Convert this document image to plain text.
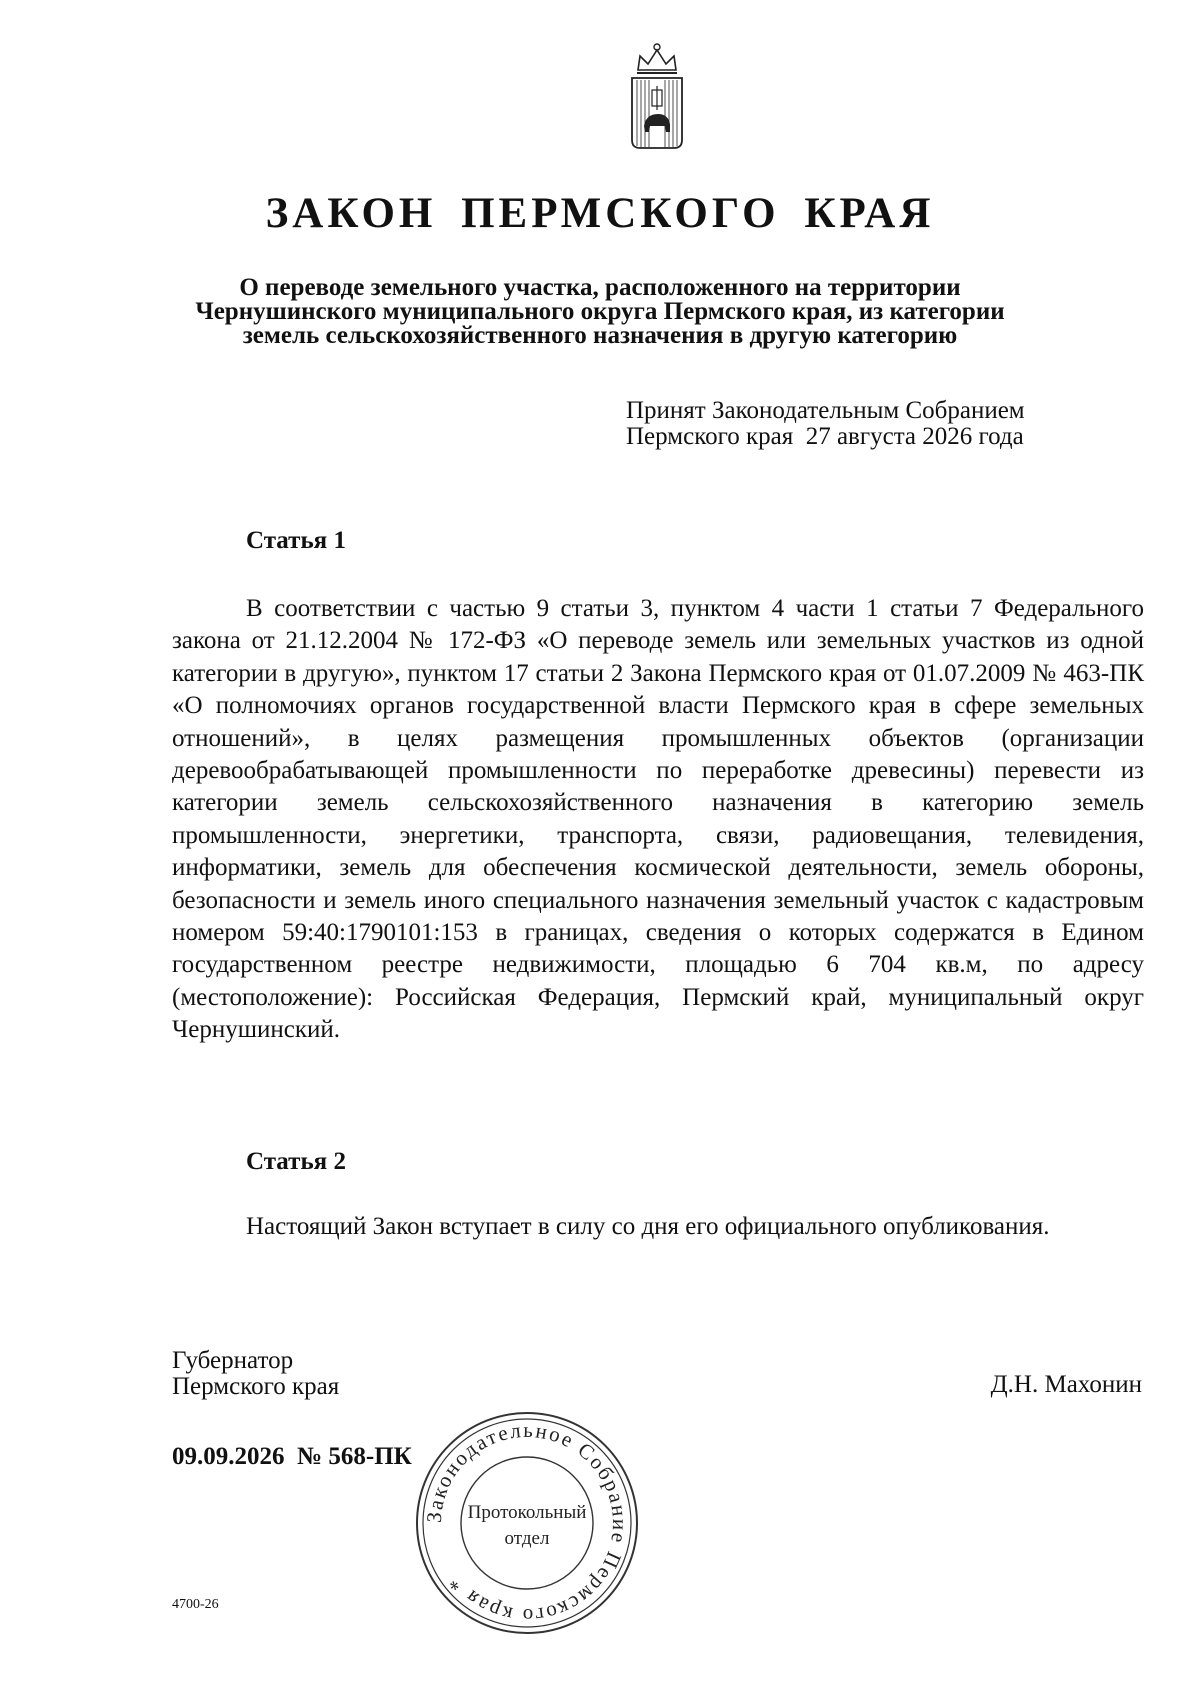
ЗАКОН ПЕРМСКОГО КРАЯ
О переводе земельного участка, расположенного на территории
Чернушинского муниципального округа Пермского края, из категории
земель сельскохозяйственного назначения в другую категорию
Принят Законодательным Собранием
Пермского края  27 августа 2026 года
Статья 1
В соответствии с частью 9 статьи 3, пунктом 4 части 1 статьи 7 Федерального закона от 21.12.2004 № 172-ФЗ «О переводе земель или земельных участков из одной категории в другую», пунктом 17 статьи 2 Закона Пермского края от 01.07.2009 № 463-ПК «О полномочиях органов государственной власти Пермского края в сфере земельных отношений», в целях размещения промышленных объектов (организации деревообрабатывающей промышленности по переработке древесины) перевести из категории земель сельскохозяйственного назначения в категорию земель промышленности, энергетики, транспорта, связи, радиовещания, телевидения, информатики, земель для обеспечения космической деятельности, земель обороны, безопасности и земель иного специального назначения земельный участок с кадастровым номером 59:40:1790101:153 в границах, сведения о которых содержатся в Едином государственном реестре недвижимости, площадью 6 704 кв.м, по адресу (местоположение): Российская Федерация, Пермский край, муниципальный округ Чернушинский.
Статья 2
Настоящий Закон вступает в силу со дня его официального опубликования.
Губернатор
Пермского края	Д.Н. Махонин
09.09.2026  № 568-ПК
4700-26
Законодательное Собрание Пермского края *
Протокольный
отдел
